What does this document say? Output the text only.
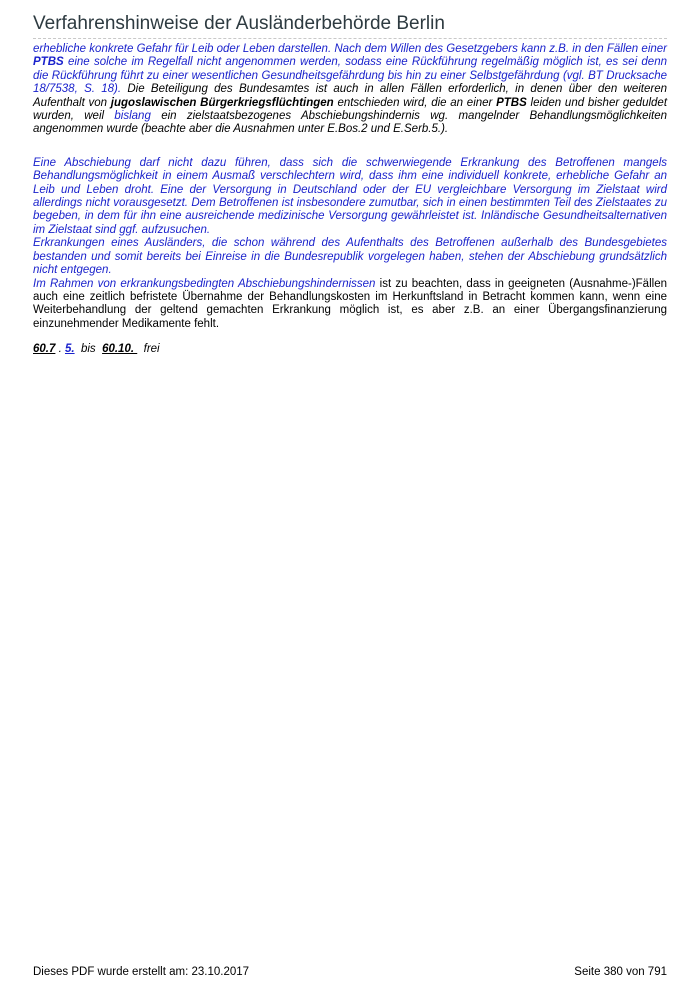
Verfahrenshinweise der Ausländerbehörde Berlin

erhebliche konkrete Gefahr für Leib oder Leben darstellen. Nach dem Willen des Gesetzgebers kann z.B. in den Fällen einer PTBS eine solche im Regelfall nicht angenommen werden, sodass eine Rückführung regelmäßig möglich ist, es sei denn die Rückführung führt zu einer wesentlichen Gesundheitsgefährdung bis hin zu einer Selbstgefährdung (vgl. BT Drucksache 18/7538, S. 18). Die Beteiligung des Bundesamtes ist auch in allen Fällen erforderlich, in denen über den weiteren Aufenthalt von jugoslawischen Bürgerkriegsflüchtingen entschieden wird, die an einer PTBS leiden und bisher geduldet wurden, weil bislang ein zielstaatsbezogenes Abschiebungshindernis wg. mangelnder Behandlungsmöglichkeiten angenommen wurde (beachte aber die Ausnahmen unter E.Bos.2 und E.Serb.5.).

Eine Abschiebung darf nicht dazu führen, dass sich die schwerwiegende Erkrankung des Betroffenen mangels Behandlungsmöglichkeit in einem Ausmaß verschlechtern wird, dass ihm eine individuell konkrete, erhebliche Gefahr an Leib und Leben droht. Eine der Versorgung in Deutschland oder der EU vergleichbare Versorgung im Zielstaat wird allerdings nicht vorausgesetzt. Dem Betroffenen ist insbesondere zumutbar, sich in einen bestimmten Teil des Zielstaates zu begeben, in dem für ihn eine ausreichende medizinische Versorgung gewährleistet ist. Inländische Gesundheitsalternativen im Zielstaat sind ggf. aufzusuchen.

Erkrankungen eines Ausländers, die schon während des Aufenthalts des Betroffenen außerhalb des Bundesgebietes bestanden und somit bereits bei Einreise in die Bundesrepublik vorgelegen haben, stehen der Abschiebung grundsätzlich nicht entgegen.

Im Rahmen von erkrankungsbedingten Abschiebungshindernissen ist zu beachten, dass in geeigneten (Ausnahme-)Fällen auch eine zeitlich befristete Übernahme der Behandlungskosten im Herkunftsland in Betracht kommen kann, wenn eine Weiterbehandlung der geltend gemachten Erkrankung möglich ist, es aber z.B. an einer Übergangsfinanzierung einzunehmender Medikamente fehlt.

60.7 . 5.  bis  60.10.   frei
Dieses PDF wurde erstellt am: 23.10.2017	Seite 380 von 791
